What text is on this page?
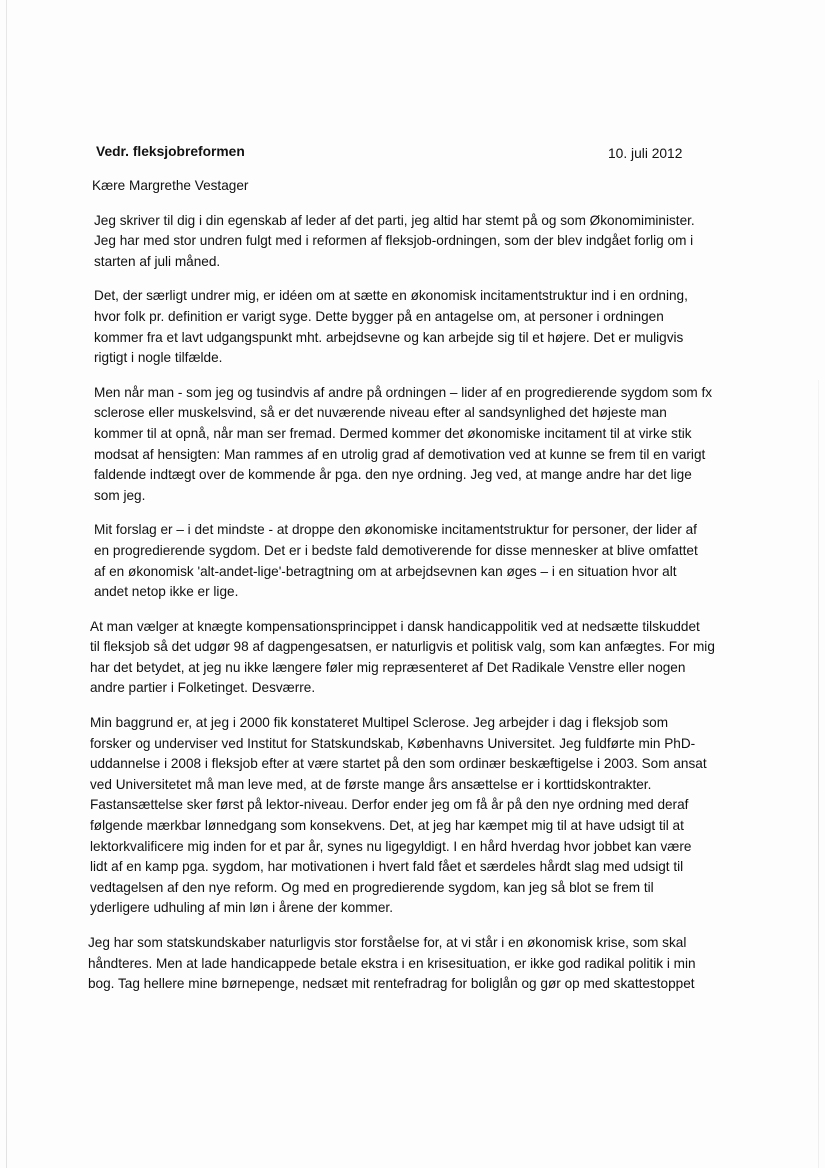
Vedr. fleksjobreformen	10. juli 2012
Kære Margrethe Vestager
Jeg skriver til dig i din egenskab af leder af det parti, jeg altid har stemt på og som Økonomiminister.
Jeg har med stor undren fulgt med i reformen af fleksjob-ordningen, som der blev indgået forlig om i
starten af juli måned.
Det, der særligt undrer mig, er idéen om at sætte en økonomisk incitamentstruktur ind i en ordning,
hvor folk pr. definition er varigt syge. Dette bygger på en antagelse om, at personer i ordningen
kommer fra et lavt udgangspunkt mht. arbejdsevne og kan arbejde sig til et højere. Det er muligvis
rigtigt i nogle tilfælde.
Men når man - som jeg og tusindvis af andre på ordningen – lider af en progredierende sygdom som fx
sclerose eller muskelsvind, så er det nuværende niveau efter al sandsynlighed det højeste man
kommer til at opnå, når man ser fremad. Dermed kommer det økonomiske incitament til at virke stik
modsat af hensigten: Man rammes af en utrolig grad af demotivation ved at kunne se frem til en varigt
faldende indtægt over de kommende år pga. den nye ordning. Jeg ved, at mange andre har det lige
som jeg.
Mit forslag er – i det mindste - at droppe den økonomiske incitamentstruktur for personer, der lider af
en progredierende sygdom. Det er i bedste fald demotiverende for disse mennesker at blive omfattet
af en økonomisk 'alt-andet-lige'-betragtning om at arbejdsevnen kan øges – i en situation hvor alt
andet netop ikke er lige.
At man vælger at knægte kompensationsprincippet i dansk handicappolitik ved at nedsætte tilskuddet
til fleksjob så det udgør 98 af dagpengesatsen, er naturligvis et politisk valg, som kan anfægtes. For mig
har det betydet, at jeg nu ikke længere føler mig repræsenteret af Det Radikale Venstre eller nogen
andre partier i Folketinget. Desværre.
Min baggrund er, at jeg i 2000 fik konstateret Multipel Sclerose. Jeg arbejder i dag i fleksjob som
forsker og underviser ved Institut for Statskundskab, Københavns Universitet. Jeg fuldførte min PhD-
uddannelse i 2008 i fleksjob efter at være startet på den som ordinær beskæftigelse i 2003. Som ansat
ved Universitetet må man leve med, at de første mange års ansættelse er i korttidskontrakter.
Fastansættelse sker først på lektor-niveau. Derfor ender jeg om få år på den nye ordning med deraf
følgende mærkbar lønnedgang som konsekvens. Det, at jeg har kæmpet mig til at have udsigt til at
lektorkvalificere mig inden for et par år, synes nu ligegyldigt. I en hård hverdag hvor jobbet kan være
lidt af en kamp pga. sygdom, har motivationen i hvert fald fået et særdeles hårdt slag med udsigt til
vedtagelsen af den nye reform. Og med en progredierende sygdom, kan jeg så blot se frem til
yderligere udhuling af min løn i årene der kommer.
Jeg har som statskundskaber naturligvis stor forståelse for, at vi står i en økonomisk krise, som skal
håndteres. Men at lade handicappede betale ekstra i en krisesituation, er ikke god radikal politik i min
bog. Tag hellere mine børnepenge, nedsæt mit rentefradrag for boliglån og gør op med skattestoppet
